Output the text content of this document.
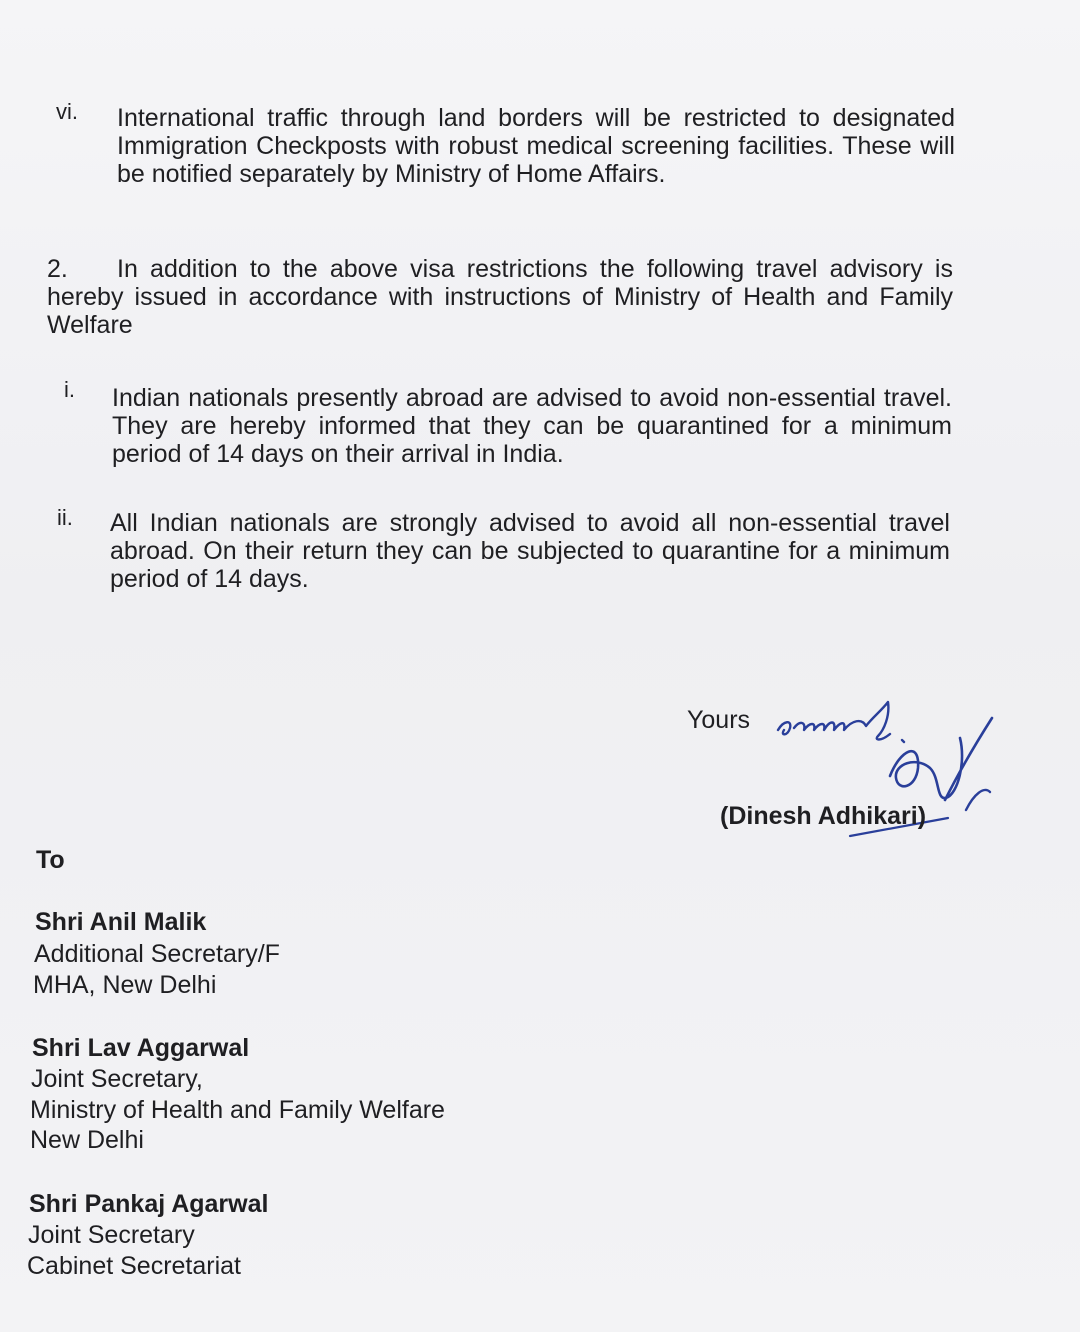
vi. International traffic through land borders will be restricted to designated Immigration Checkposts with robust medical screening facilities. These will be notified separately by Ministry of Home Affairs.

2.	In addition to the above visa restrictions the following travel advisory is hereby issued in accordance with instructions of Ministry of Health and Family Welfare

i. Indian nationals presently abroad are advised to avoid non-essential travel. They are hereby informed that they can be quarantined for a minimum period of 14 days on their arrival in India.

ii. All Indian nationals are strongly advised to avoid all non-essential travel abroad. On their return they can be subjected to quarantine for a minimum period of 14 days.

Yours
(Dinesh Adhikari)
To
Shri Anil Malik
Additional Secretary/F
MHA, New Delhi
Shri Lav Aggarwal
Joint Secretary,
Ministry of Health and Family Welfare
New Delhi
Shri Pankaj Agarwal
Joint Secretary
Cabinet Secretariat
